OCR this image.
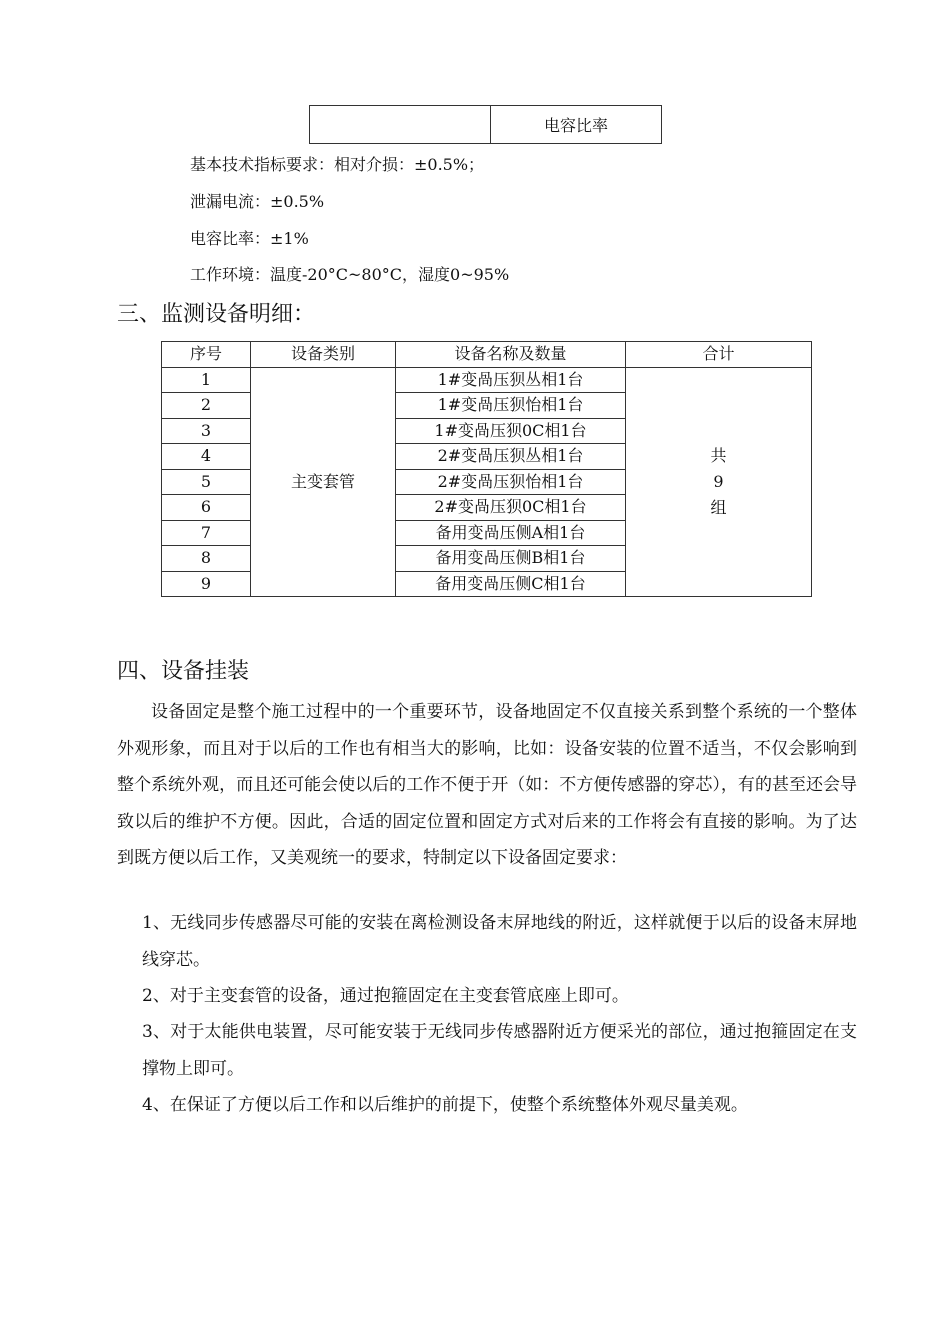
	电容比率
基本技术指标要求：相对介损：±0.5%；
泄漏电流：±0.5%
电容比率：±1%
工作环境：温度-20°C~80°C，湿度0~95%
三、监测设备明细：
序号	设备类别	设备名称及数量	合计
1	主变套管	1#变咼压狈丛相1台	共
9
组

2		1#变咼压狈怡相1台	
3		1#变咼压狈0C相1台	
4		2#变咼压狈丛相1台	
5		2#变咼压狈怡相1台	
6		2#变咼压狈0C相1台	
7		备用变咼压侧A相1台	
8		备用变咼压侧B相1台	
9		备用变咼压侧C相1台	
四、设备挂装
设备固定是整个施工过程中的一个重要环节，设备地固定不仅直接关系到整个系统的一个整体外观形象，而且对于以后的工作也有相当大的影响，比如：设备安装的位置不适当，不仅会影响到整个系统外观，而且还可能会使以后的工作不便于开（如：不方便传感器的穿芯），有的甚至还会导致以后的维护不方便。因此，合适的固定位置和固定方式对后来的工作将会有直接的影响。为了达到既方便以后工作，又美观统一的要求，特制定以下设备固定要求：
1、无线同步传感器尽可能的安装在离检测设备末屏地线的附近，这样就便于以后的设备末屏地线穿芯。
2、对于主变套管的设备，通过抱箍固定在主变套管底座上即可。
3、对于太能供电装置，尽可能安装于无线同步传感器附近方便采光的部位，通过抱箍固定在支撑物上即可。
4、在保证了方便以后工作和以后维护的前提下，使整个系统整体外观尽量美观。
